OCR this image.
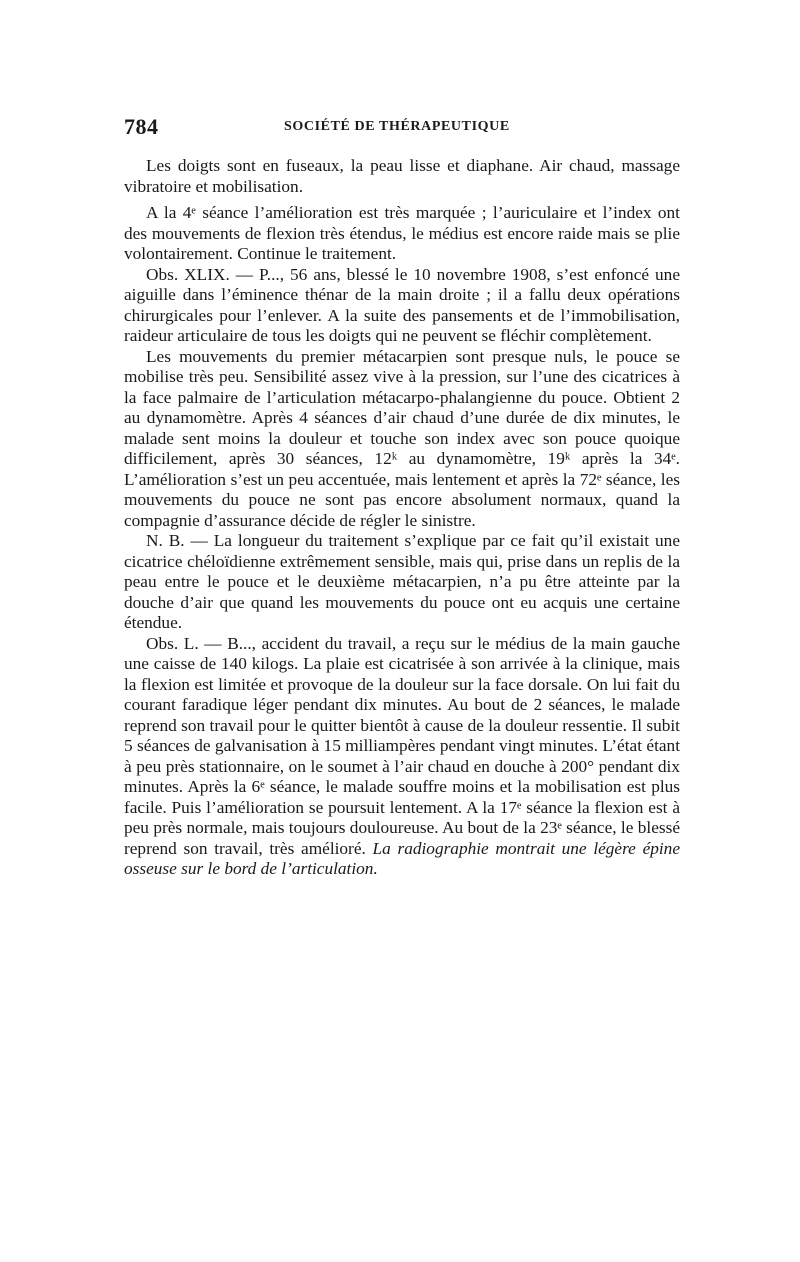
784	SOCIÉTÉ DE THÉRAPEUTIQUE

Les doigts sont en fuseaux, la peau lisse et diaphane. Air chaud, massage vibratoire et mobilisation.

A la 4ᵉ séance l’amélioration est très marquée ; l’auriculaire et l’index ont des mouvements de flexion très étendus, le médius est encore raide mais se plie volontairement. Continue le traitement.

Obs. XLIX. — P..., 56 ans, blessé le 10 novembre 1908, s’est enfoncé une aiguille dans l’éminence thénar de la main droite ; il a fallu deux opérations chirurgicales pour l’enlever. A la suite des pansements et de l’immobilisation, raideur articulaire de tous les doigts qui ne peuvent se fléchir complètement.

Les mouvements du premier métacarpien sont presque nuls, le pouce se mobilise très peu. Sensibilité assez vive à la pression, sur l’une des cicatrices à la face palmaire de l’articulation métacarpo-phalangienne du pouce. Obtient 2 au dynamomètre. Après 4 séances d’air chaud d’une durée de dix minutes, le malade sent moins la douleur et touche son index avec son pouce quoique difficilement, après 30 séances, 12ᵏ au dynamomètre, 19ᵏ après la 34ᵉ. L’amélioration s’est un peu accentuée, mais lentement et après la 72ᵉ séance, les mouvements du pouce ne sont pas encore absolument normaux, quand la compagnie d’assurance décide de régler le sinistre.

N. B. — La longueur du traitement s’explique par ce fait qu’il existait une cicatrice chéloïdienne extrêmement sensible, mais qui, prise dans un replis de la peau entre le pouce et le deuxième métacarpien, n’a pu être atteinte par la douche d’air que quand les mouvements du pouce ont eu acquis une certaine étendue.

Obs. L. — B..., accident du travail, a reçu sur le médius de la main gauche une caisse de 140 kilogs. La plaie est cicatrisée à son arrivée à la clinique, mais la flexion est limitée et provoque de la douleur sur la face dorsale. On lui fait du courant faradique léger pendant dix minutes. Au bout de 2 séances, le malade reprend son travail pour le quitter bientôt à cause de la douleur ressentie. Il subit 5 séances de galvanisation à 15 milliampères pendant vingt minutes. L’état étant à peu près stationnaire, on le soumet à l’air chaud en douche à 200° pendant dix minutes. Après la 6ᵉ séance, le malade souffre moins et la mobilisation est plus facile. Puis l’amélioration se poursuit lentement. A la 17ᵉ séance la flexion est à peu près normale, mais toujours douloureuse. Au bout de la 23ᵉ séance, le blessé reprend son travail, très amélioré. La radiographie montrait une légère épine osseuse sur le bord de l’articulation.
